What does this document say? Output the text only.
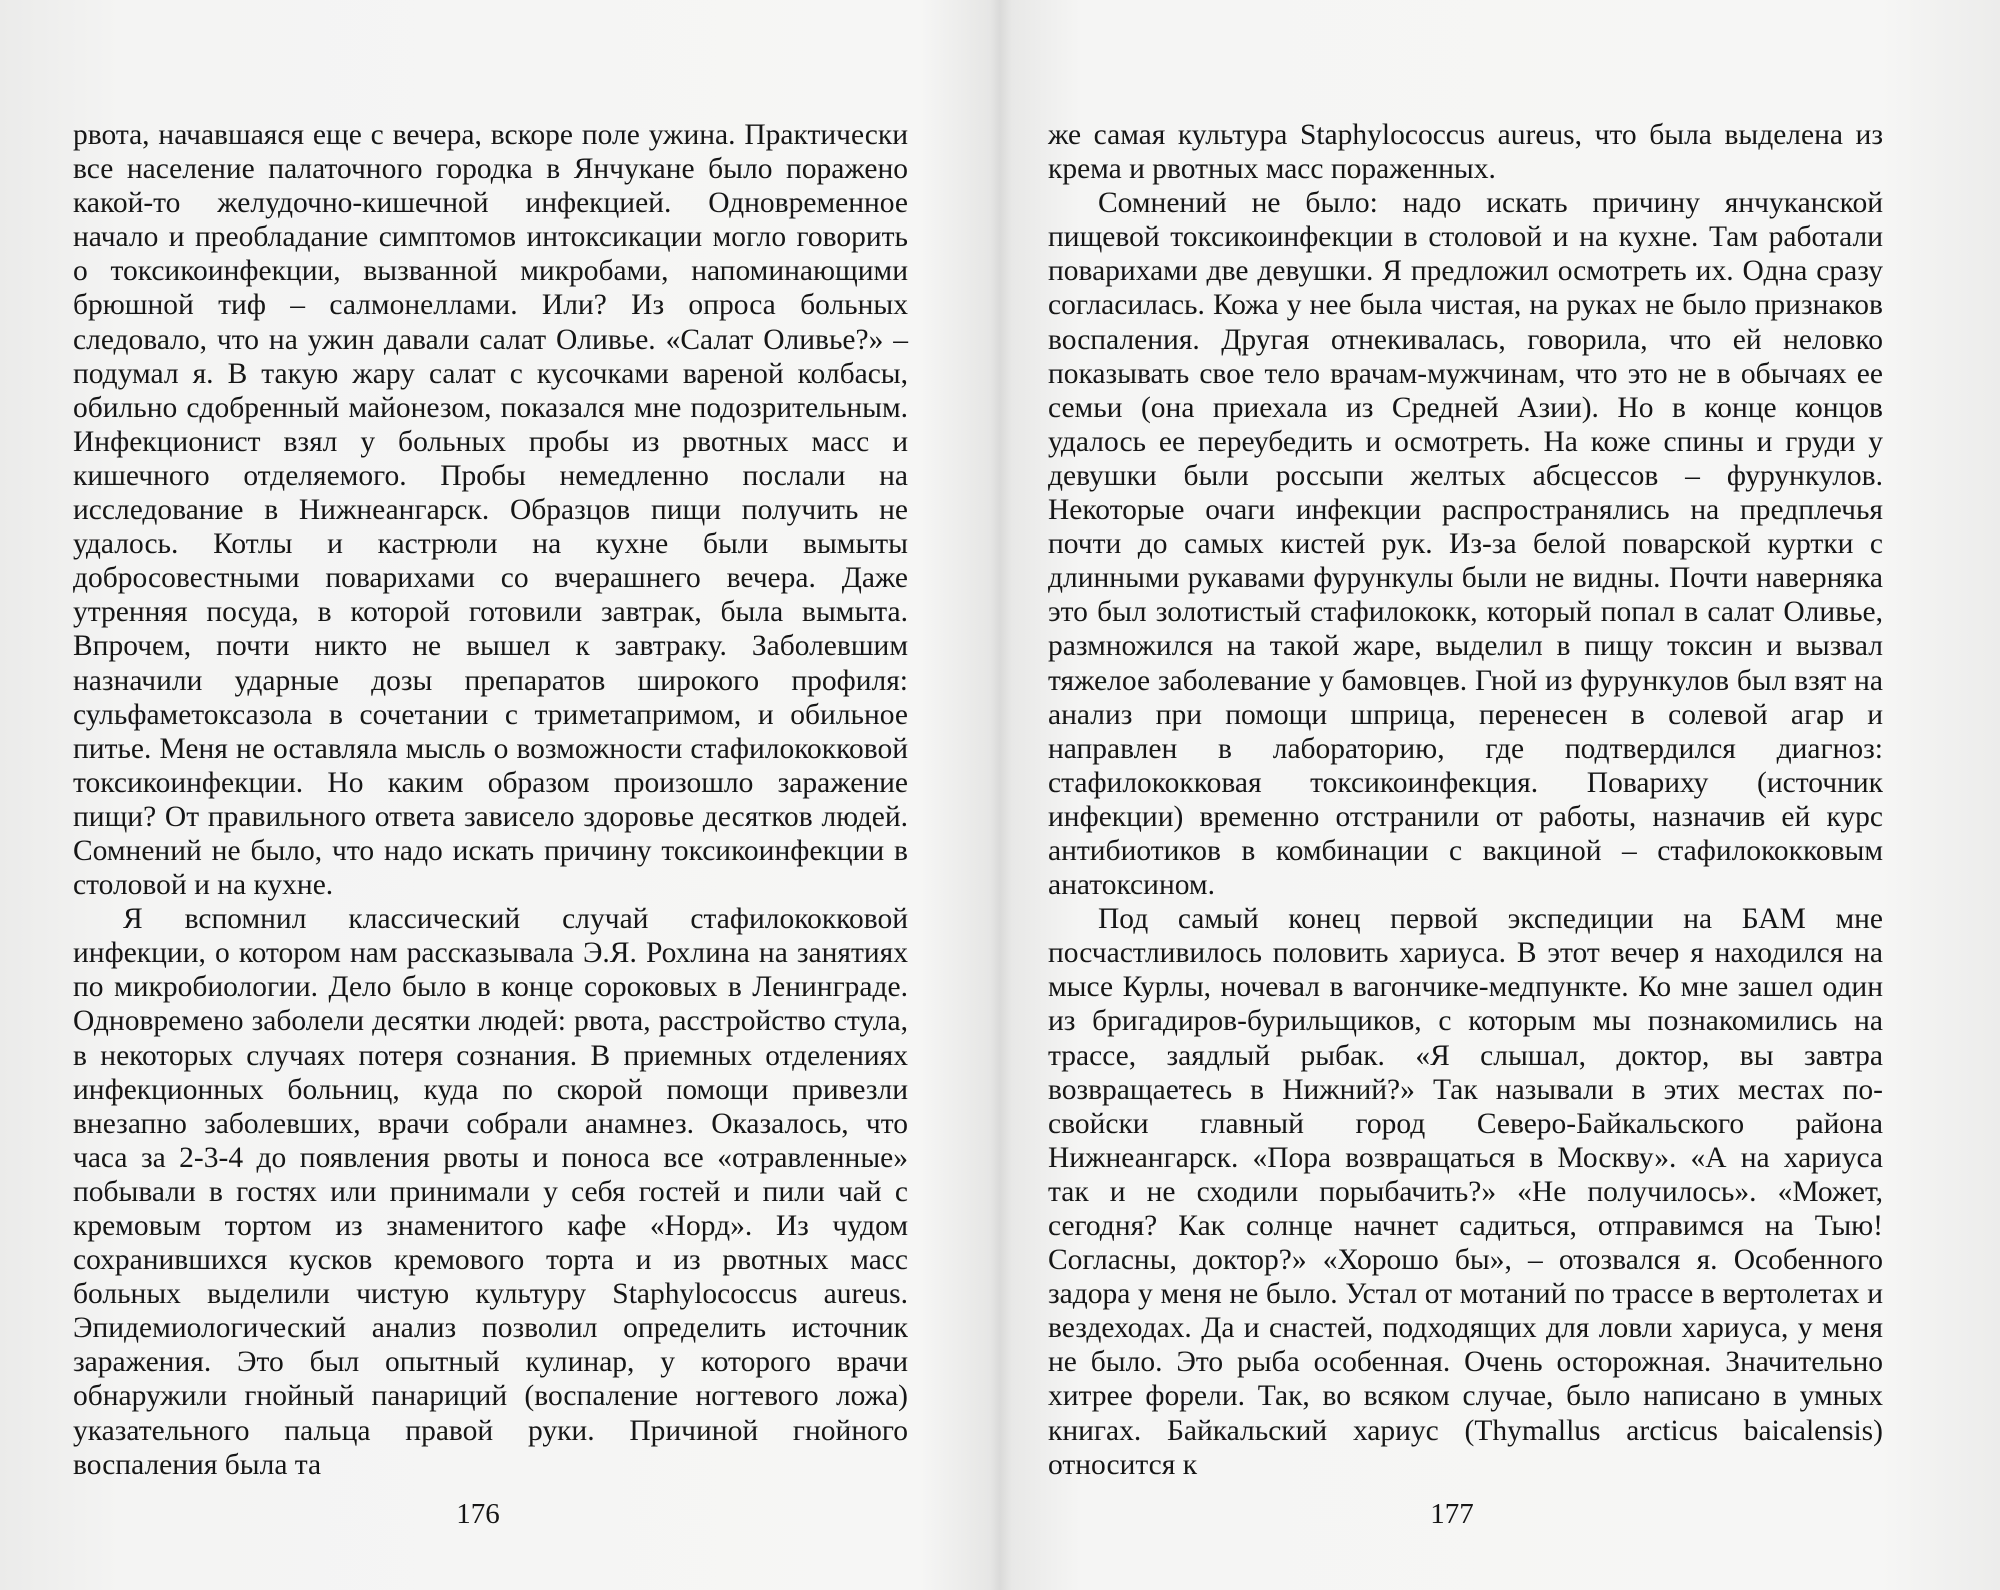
рвота, начавшаяся еще с вечера, вскоре поле ужина. Практически все население палаточного городка в Янчукане было поражено какой-то желудочно-кишечной инфекцией. Одновременное начало и преобладание симптомов интоксикации могло говорить о токсикоинфекции, вызванной микробами, напоминающими брюшной тиф – салмонеллами. Или? Из опроса больных следовало, что на ужин давали салат Оливье. «Салат Оливье?» – подумал я. В такую жару салат с кусочками вареной колбасы, обильно сдобренный майонезом, показался мне подозрительным. Инфекционист взял у больных пробы из рвотных масс и кишечного отделяемого. Пробы немедленно послали на исследование в Нижнеангарск. Образцов пищи получить не удалось. Котлы и кастрюли на кухне были вымыты добросовестными поварихами со вчерашнего вечера. Даже утренняя посуда, в которой готовили завтрак, была вымыта. Впрочем, почти никто не вышел к завтраку. Заболевшим назначили ударные дозы препаратов широкого профиля: сульфаметоксазола в сочетании с триметапримом, и обильное питье. Меня не оставляла мысль о возможности стафилококковой токсикоинфекции. Но каким образом произошло заражение пищи? От правильного ответа зависело здоровье десятков людей. Сомнений не было, что надо искать причину токсикоинфекции в столовой и на кухне.

Я вспомнил классический случай стафилококковой инфекции, о котором нам рассказывала Э.Я. Рохлина на занятиях по микробиологии. Дело было в конце сороковых в Ленинграде. Одновремено заболели десятки людей: рвота, расстройство стула, в некоторых случаях потеря сознания. В приемных отделениях инфекционных больниц, куда по скорой помощи привезли внезапно заболевших, врачи собрали анамнез. Оказалось, что часа за 2-3-4 до появления рвоты и поноса все «отравленные» побывали в гостях или принимали у себя гостей и пили чай с кремовым тортом из знаменитого кафе «Норд». Из чудом сохранившихся кусков кремового торта и из рвотных масс больных выделили чистую культуру Staphylococcus aureus. Эпидемиологический анализ позволил определить источник заражения. Это был опытный кулинар, у которого врачи обнаружили гнойный панариций (воспаление ногтевого ложа) указательного пальца правой руки. Причиной гнойного воспаления была та

176

же самая культура Staphylococcus aureus, что была выделена из крема и рвотных масс пораженных.

Сомнений не было: надо искать причину янчуканской пищевой токсикоинфекции в столовой и на кухне. Там работали поварихами две девушки. Я предложил осмотреть их. Одна сразу согласилась. Кожа у нее была чистая, на руках не было признаков воспаления. Другая отнекивалась, говорила, что ей неловко показывать свое тело врачам-мужчинам, что это не в обычаях ее семьи (она приехала из Средней Азии). Но в конце концов удалось ее переубедить и осмотреть. На коже спины и груди у девушки были россыпи желтых абсцессов – фурункулов. Некоторые очаги инфекции распространялись на предплечья почти до самых кистей рук. Из-за белой поварской куртки с длинными рукавами фурункулы были не видны. Почти наверняка это был золотистый стафилококк, который попал в салат Оливье, размножился на такой жаре, выделил в пищу токсин и вызвал тяжелое заболевание у бамовцев. Гной из фурункулов был взят на анализ при помощи шприца, перенесен в солевой агар и направлен в лабораторию, где подтвердился диагноз: стафилококковая токсикоинфекция. Повариху (источник инфекции) временно отстранили от работы, назначив ей курс антибиотиков в комбинации с вакциной – стафилококковым анатоксином.

Под самый конец первой экспедиции на БАМ мне посчастливилось половить хариуса. В этот вечер я находился на мысе Курлы, ночевал в вагончике-медпункте. Ко мне зашел один из бригадиров-бурильщиков, с которым мы познакомились на трассе, заядлый рыбак. «Я слышал, доктор, вы завтра возвращаетесь в Нижний?» Так называли в этих местах по-свойски главный город Северо-Байкальского района Нижнеангарск. «Пора возвращаться в Москву». «А на хариуса так и не сходили порыбачить?» «Не получилось». «Может, сегодня? Как солнце начнет садиться, отправимся на Тыю! Согласны, доктор?» «Хорошо бы», – отозвался я. Особенного задора у меня не было. Устал от мотаний по трассе в вертолетах и вездеходах. Да и снастей, подходящих для ловли хариуса, у меня не было. Это рыба особенная. Очень осторожная. Значительно хитрее форели. Так, во всяком случае, было написано в умных книгах. Байкальский хариус (Thymallus arcticus baicalensis) относится к

177
